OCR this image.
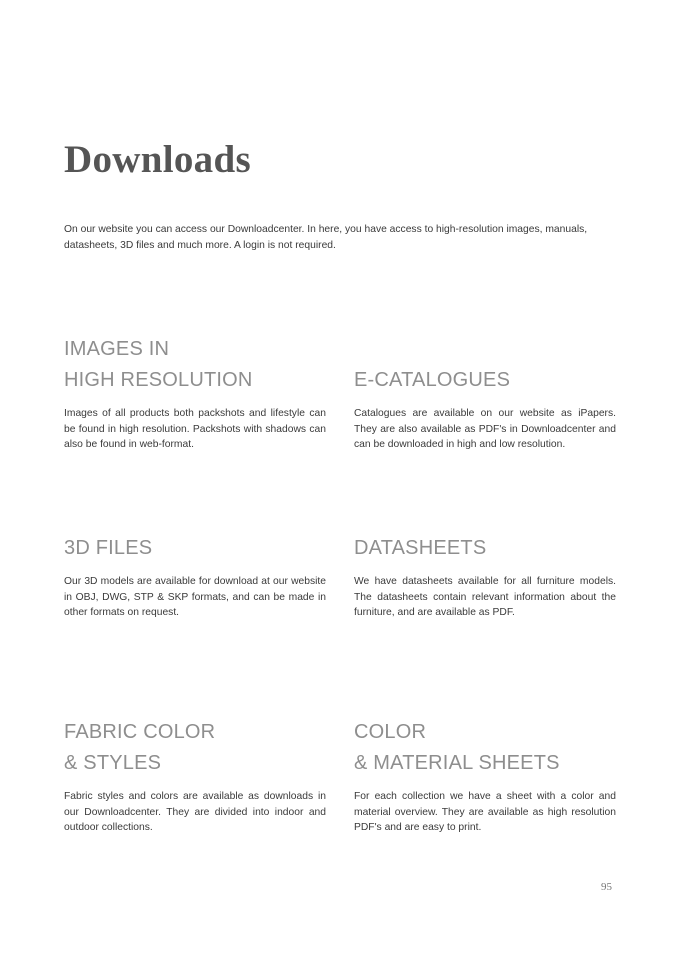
Downloads

On our website you can access our Downloadcenter. In here, you have access to high-resolution images, manuals, datasheets, 3D files and much more. A login is not required.

IMAGES IN
HIGH RESOLUTION

Images of all products both packshots and lifestyle can be found in high resolution. Packshots with shadows can also be found in web-format.

E-CATALOGUES

Catalogues are available on our website as iPapers. They are also available as PDF's in Downloadcenter and can be downloaded in high and low resolution.

3D FILES

Our 3D models are available for download at our website in OBJ, DWG, STP & SKP formats, and can be made in other formats on request.

DATASHEETS

We have datasheets available for all furniture models. The datasheets contain relevant information about the furniture, and are available as PDF.

FABRIC COLOR
& STYLES

Fabric styles and colors are available as downloads in our Downloadcenter. They are divided into indoor and outdoor collections.

COLOR
& MATERIAL SHEETS

For each collection we have a sheet with a color and material overview. They are available as high resolution PDF's and are easy to print.

95
